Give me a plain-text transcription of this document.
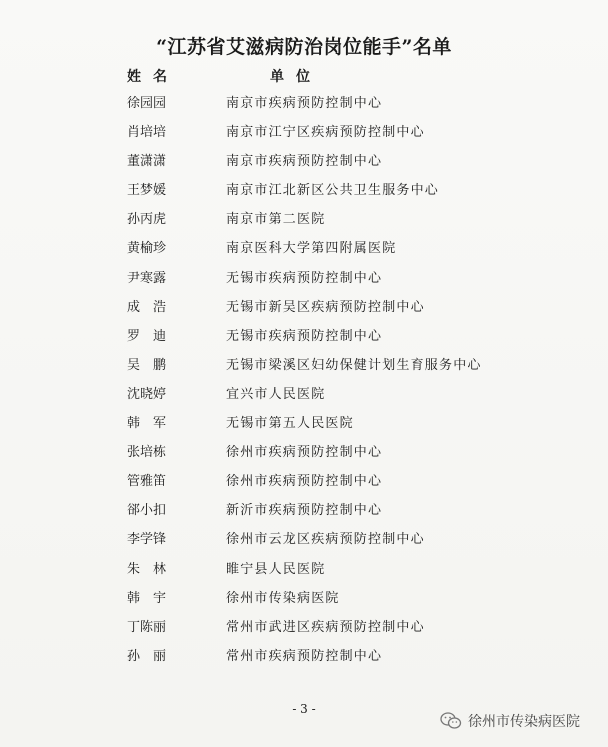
“江苏省艾滋病防治岗位能手”名单
姓名	单位
徐园园	南京市疾病预防控制中心
肖培培	南京市江宁区疾病预防控制中心
董潇潇	南京市疾病预防控制中心
王梦媛	南京市江北新区公共卫生服务中心
孙丙虎	南京市第二医院
黄榆珍	南京医科大学第四附属医院
尹寒露	无锡市疾病预防控制中心
成　浩	无锡市新吴区疾病预防控制中心
罗　迪	无锡市疾病预防控制中心
吴　鹏	无锡市梁溪区妇幼保健计划生育服务中心
沈晓婷	宜兴市人民医院
韩　军	无锡市第五人民医院
张培栋	徐州市疾病预防控制中心
管雅笛	徐州市疾病预防控制中心
郤小扣	新沂市疾病预防控制中心
李学锋	徐州市云龙区疾病预防控制中心
朱　林	睢宁县人民医院
韩　宇	徐州市传染病医院
丁陈丽	常州市武进区疾病预防控制中心
孙　丽	常州市疾病预防控制中心
- 3 -
徐州市传染病医院
